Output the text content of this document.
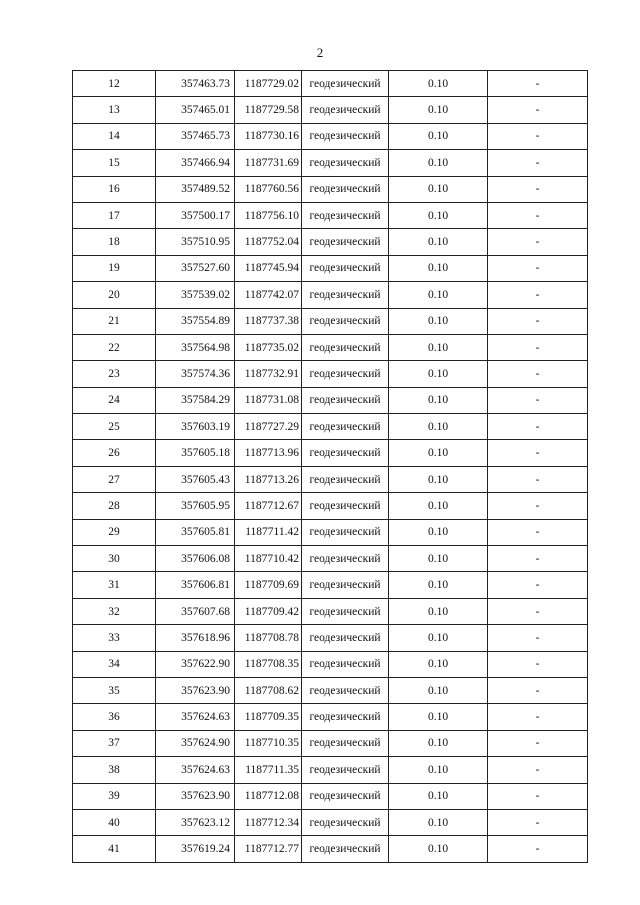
2
12	357463.73	1187729.02	геодезический	0.10	-
13	357465.01	1187729.58	геодезический	0.10	-
14	357465.73	1187730.16	геодезический	0.10	-
15	357466.94	1187731.69	геодезический	0.10	-
16	357489.52	1187760.56	геодезический	0.10	-
17	357500.17	1187756.10	геодезический	0.10	-
18	357510.95	1187752.04	геодезический	0.10	-
19	357527.60	1187745.94	геодезический	0.10	-
20	357539.02	1187742.07	геодезический	0.10	-
21	357554.89	1187737.38	геодезический	0.10	-
22	357564.98	1187735.02	геодезический	0.10	-
23	357574.36	1187732.91	геодезический	0.10	-
24	357584.29	1187731.08	геодезический	0.10	-
25	357603.19	1187727.29	геодезический	0.10	-
26	357605.18	1187713.96	геодезический	0.10	-
27	357605.43	1187713.26	геодезический	0.10	-
28	357605.95	1187712.67	геодезический	0.10	-
29	357605.81	1187711.42	геодезический	0.10	-
30	357606.08	1187710.42	геодезический	0.10	-
31	357606.81	1187709.69	геодезический	0.10	-
32	357607.68	1187709.42	геодезический	0.10	-
33	357618.96	1187708.78	геодезический	0.10	-
34	357622.90	1187708.35	геодезический	0.10	-
35	357623.90	1187708.62	геодезический	0.10	-
36	357624.63	1187709.35	геодезический	0.10	-
37	357624.90	1187710.35	геодезический	0.10	-
38	357624.63	1187711.35	геодезический	0.10	-
39	357623.90	1187712.08	геодезический	0.10	-
40	357623.12	1187712.34	геодезический	0.10	-
41	357619.24	1187712.77	геодезический	0.10	-
